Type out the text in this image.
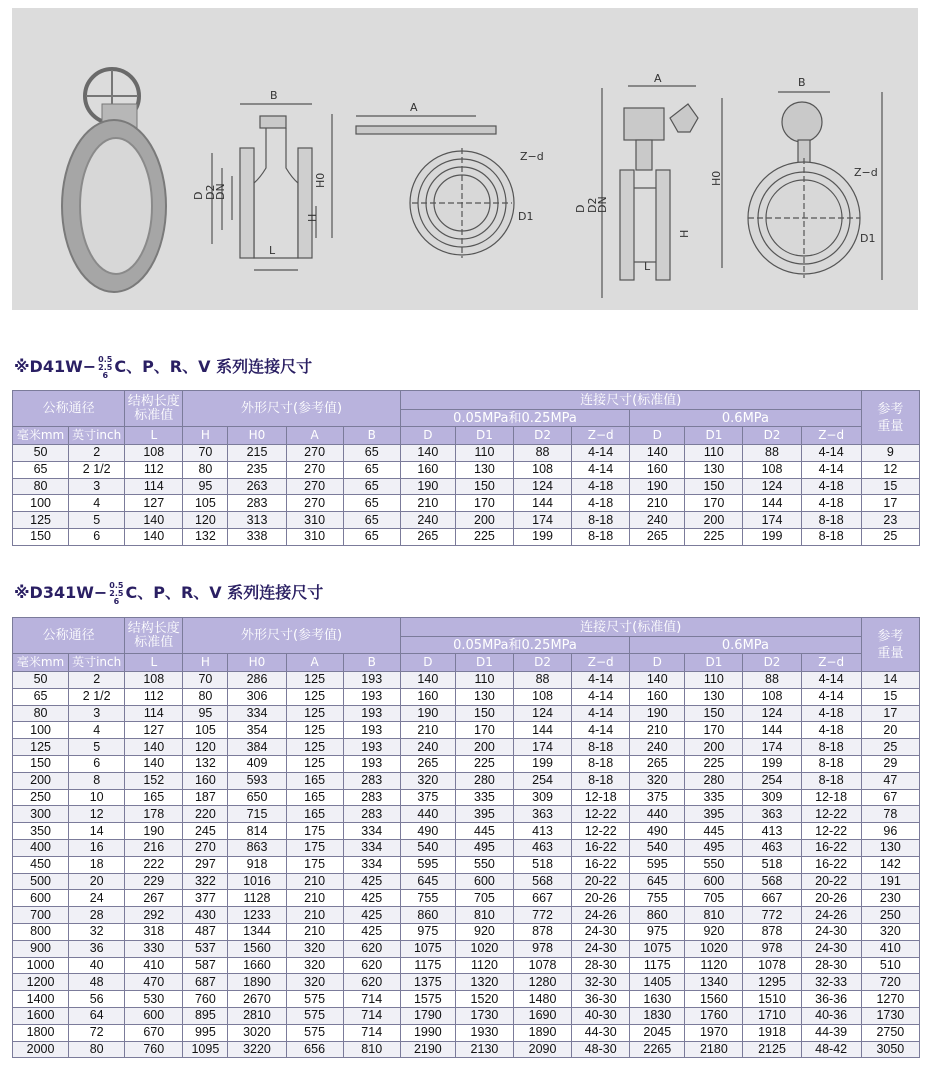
B
H0
H
D D2
DN
L
A
Z−d
D1
A
H0
H
D D2
DN
L
B
Z−d
D1
※D41W− 0.5
2.5
6 C、P、R、V 系列连接尺寸
公称通径		结构长度
标准值	外形尺寸(参考值)				连接尺寸(标准值)								参考
重量
							0.05MPa和0.25MPa				0.6MPa				
毫米mm	英寸inch	L	H	H0	A	B	D	D1	D2	Z−d	D	D1	D2	Z−d	
50	2	108	70	215	270	65	140	110	88	4-14	140	110	88	4-14	9
65	2 1/2	112	80	235	270	65	160	130	108	4-14	160	130	108	4-14	12
80	3	114	95	263	270	65	190	150	124	4-18	190	150	124	4-18	15
100	4	127	105	283	270	65	210	170	144	4-18	210	170	144	4-18	17
125	5	140	120	313	310	65	240	200	174	8-18	240	200	174	8-18	23
150	6	140	132	338	310	65	265	225	199	8-18	265	225	199	8-18	25
※D341W− 0.5
2.5
6 C、P、R、V 系列连接尺寸
公称通径		结构长度
标准值	外形尺寸(参考值)				连接尺寸(标准值)								参考
重量
							0.05MPa和0.25MPa				0.6MPa				
毫米mm	英寸inch	L	H	H0	A	B	D	D1	D2	Z−d	D	D1	D2	Z−d	
50	2	108	70	286	125	193	140	110	88	4-14	140	110	88	4-14	14
65	2 1/2	112	80	306	125	193	160	130	108	4-14	160	130	108	4-14	15
80	3	114	95	334	125	193	190	150	124	4-14	190	150	124	4-18	17
100	4	127	105	354	125	193	210	170	144	4-14	210	170	144	4-18	20
125	5	140	120	384	125	193	240	200	174	8-18	240	200	174	8-18	25
150	6	140	132	409	125	193	265	225	199	8-18	265	225	199	8-18	29
200	8	152	160	593	165	283	320	280	254	8-18	320	280	254	8-18	47
250	10	165	187	650	165	283	375	335	309	12-18	375	335	309	12-18	67
300	12	178	220	715	165	283	440	395	363	12-22	440	395	363	12-22	78
350	14	190	245	814	175	334	490	445	413	12-22	490	445	413	12-22	96
400	16	216	270	863	175	334	540	495	463	16-22	540	495	463	16-22	130
450	18	222	297	918	175	334	595	550	518	16-22	595	550	518	16-22	142
500	20	229	322	1016	210	425	645	600	568	20-22	645	600	568	20-22	191
600	24	267	377	1128	210	425	755	705	667	20-26	755	705	667	20-26	230
700	28	292	430	1233	210	425	860	810	772	24-26	860	810	772	24-26	250
800	32	318	487	1344	210	425	975	920	878	24-30	975	920	878	24-30	320
900	36	330	537	1560	320	620	1075	1020	978	24-30	1075	1020	978	24-30	410
1000	40	410	587	1660	320	620	1175	1120	1078	28-30	1175	1120	1078	28-30	510
1200	48	470	687	1890	320	620	1375	1320	1280	32-30	1405	1340	1295	32-33	720
1400	56	530	760	2670	575	714	1575	1520	1480	36-30	1630	1560	1510	36-36	1270
1600	64	600	895	2810	575	714	1790	1730	1690	40-30	1830	1760	1710	40-36	1730
1800	72	670	995	3020	575	714	1990	1930	1890	44-30	2045	1970	1918	44-39	2750
2000	80	760	1095	3220	656	810	2190	2130	2090	48-30	2265	2180	2125	48-42	3050
